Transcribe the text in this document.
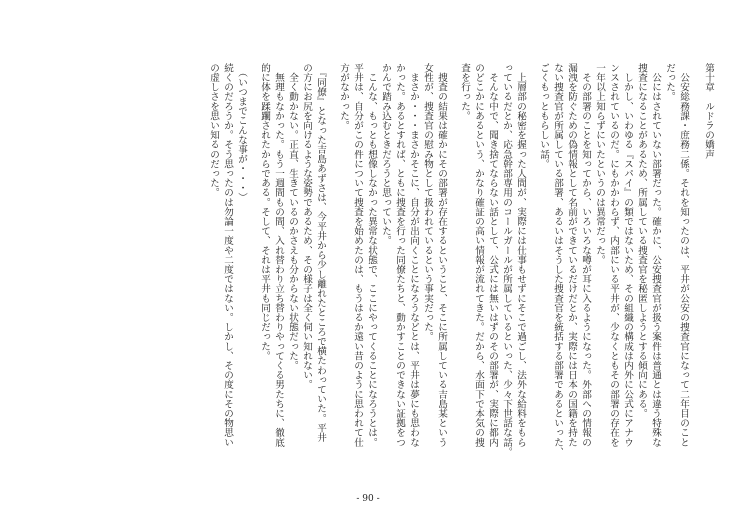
第十章　ルドラの嬌声
　公安総務課・庶務二係。それを知ったのは、平井が公安の捜査官になって二年目のこと
だった。
　公にはされていない部署だった。確かに、公安捜査官が扱う案件は普通とは違う特殊な
捜査になることがあるため、所属している捜査官を秘匿しようとする傾向にある。
　しかし、いわゆる『スパイ』の類ではないため、その組織の構成は内外に公式にアナウ
ンスされているのだ。にもかかわらず、内部にいる平井が、少なくともその部署の存在を
一年以上知らずにいたというのは異常だった。
　その部署のことを知ってから、いろいろな噂が耳に入るようになった。外部への情報の
漏洩を防ぐための偽情報として名前ができているだけだとか、実際には日本の国籍を持た
ない捜査官が所属している部署、あるいはそうした捜査官を統括する部署であるといった、
ごくもっともらしい話。
　上層部の秘密を握った人間が、実際には仕事もせずにそこで過ごし、法外な給料をもら
っているだとか、応急幹部専用のコールガールが所属しているといった、少々下世話な話。
　そんな中で、聞き捨てならない話として、公式には無いはずのその部署が、実際に都内
のどこかにあるという、かなり確証の高い情報が流れてきた。だから、水面下で本気の捜
査を行った。
　捜査の結果は確かにその部署が存在するということ、そこに所属している吉島某という
女性が、捜査官の慰み物として扱われているという事実だった。
　まさか・・・まさかそこに、自分が出向くことになろうなどとは、平井は夢にも思わな
かった。あるとすれば、ともに捜査を行った同僚たちと、動かすことのできない証拠をつ
かんで踏み込むときだろうと思っていた。
　こんな、もっとも想像しなかった異常な状態で、ここにやってくることになろうとは。
平井は、自分がこの件について捜査を始めたのは、もうはるか遠い昔のように思われて仕
方がなかった。
　『同僚』となった吉島あずさは、今平井から少し離れたところで横たわっていた。平井
の方にお尻を向けるような姿勢であるため、その様子は全く伺い知れない。
　全く動かない。正直、生きているのかさえも分からない状態だった。
　無理もなかった。もう一週間もの間、入れ替わり立ち替わりやってくる男たちに、徹底
的に体を蹂躙されたからである。そして、それは平井も同じだった。
　（いつまでこんな事が・・・）
続くのだろうか。そう思ったのは勿論一度や二度ではない。しかし、その度にその物思い
の虚しさを思い知るのだった。
- 90 -
